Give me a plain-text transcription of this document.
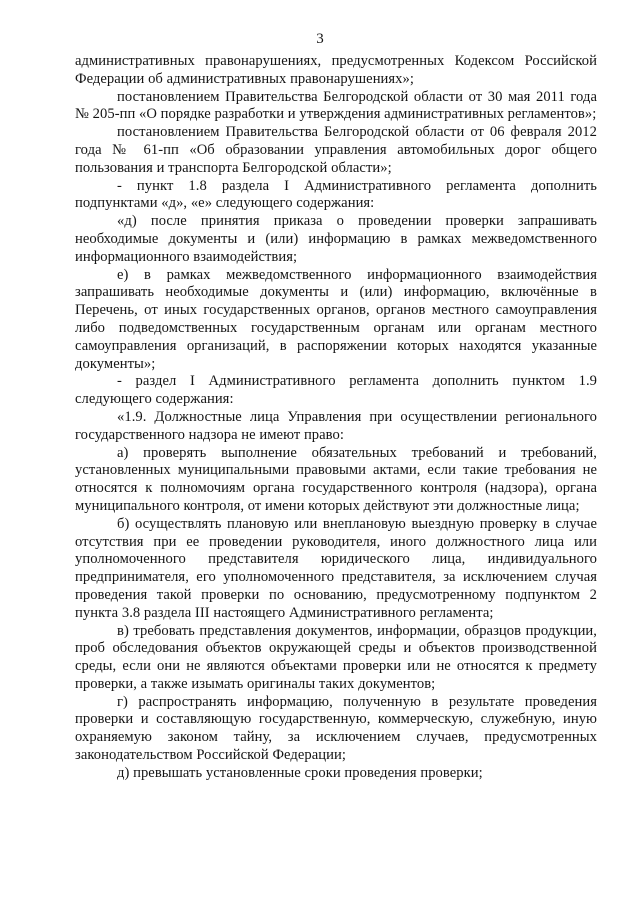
3

административных правонарушениях, предусмотренных Кодексом Российской Федерации об административных правонарушениях»;

постановлением Правительства Белгородской области от 30 мая 2011 года № 205-пп «О порядке разработки и утверждения административных регламентов»;

постановлением Правительства Белгородской области от 06 февраля 2012 года № 61-пп «Об образовании управления автомобильных дорог общего пользования и транспорта Белгородской области»;

- пункт 1.8 раздела I Административного регламента дополнить подпунктами «д», «е» следующего содержания:

«д) после принятия приказа о проведении проверки запрашивать необходимые документы и (или) информацию в рамках межведомственного информационного взаимодействия;

е) в рамках межведомственного информационного взаимодействия запрашивать необходимые документы и (или) информацию, включённые в Перечень, от иных государственных органов, органов местного самоуправления либо подведомственных государственным органам или органам местного самоуправления организаций, в распоряжении которых находятся указанные документы»;

- раздел I Административного регламента дополнить пунктом 1.9 следующего содержания:

«1.9. Должностные лица Управления при осуществлении регионального государственного надзора не имеют право:

а) проверять выполнение обязательных требований и требований, установленных муниципальными правовыми актами, если такие требования не относятся к полномочиям органа государственного контроля (надзора), органа муниципального контроля, от имени которых действуют эти должностные лица;

б) осуществлять плановую или внеплановую выездную проверку в случае отсутствия при ее проведении руководителя, иного должностного лица или уполномоченного представителя юридического лица, индивидуального предпринимателя, его уполномоченного представителя, за исключением случая проведения такой проверки по основанию, предусмотренному подпунктом 2 пункта 3.8 раздела III настоящего Административного регламента;

в) требовать представления документов, информации, образцов продукции, проб обследования объектов окружающей среды и объектов производственной среды, если они не являются объектами проверки или не относятся к предмету проверки, а также изымать оригиналы таких документов;

г) распространять информацию, полученную в результате проведения проверки и составляющую государственную, коммерческую, служебную, иную охраняемую законом тайну, за исключением случаев, предусмотренных законодательством Российской Федерации;

д) превышать установленные сроки проведения проверки;
